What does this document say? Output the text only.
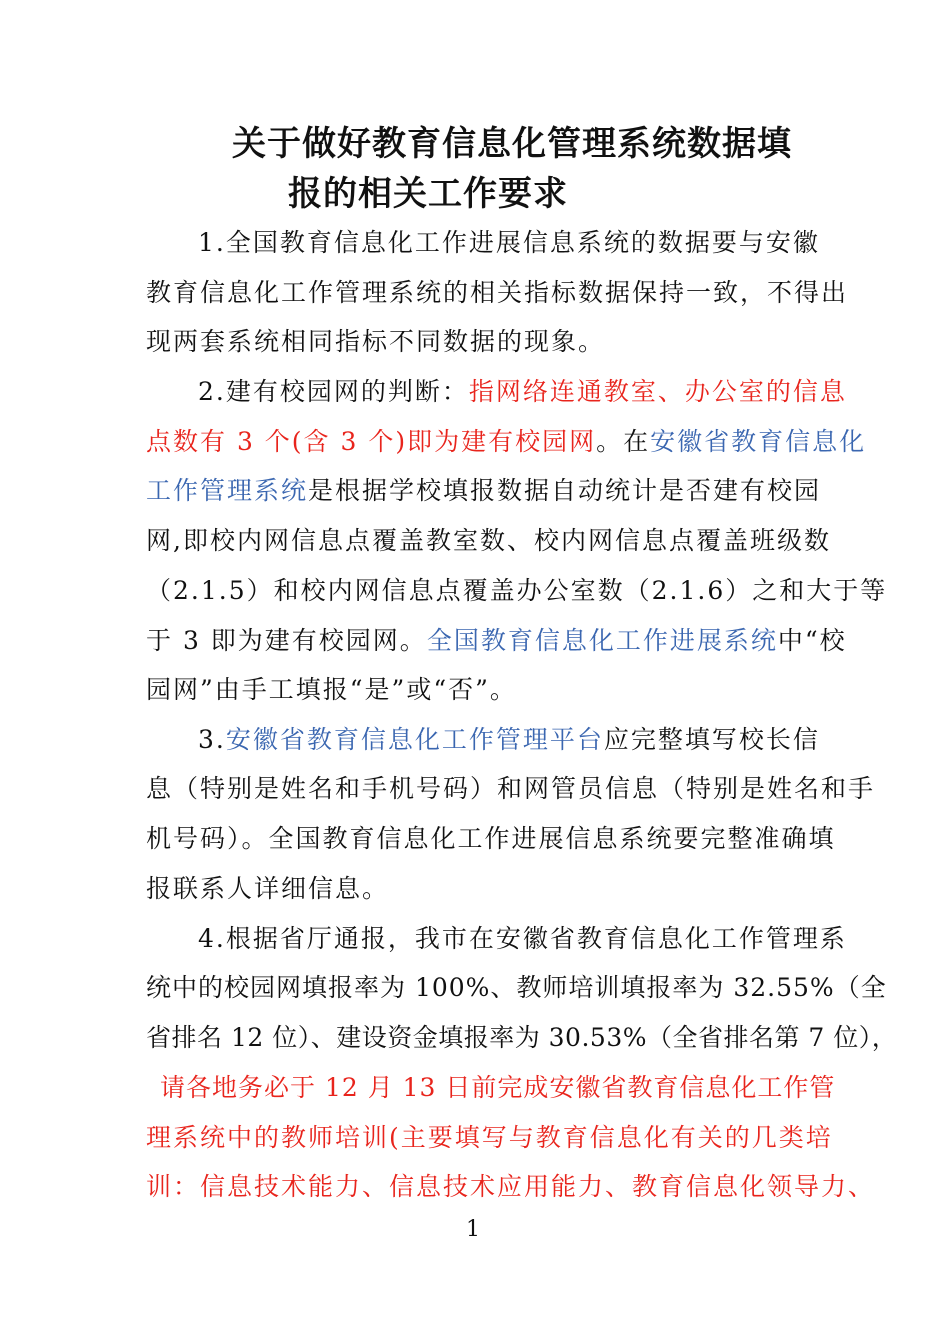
关于做好教育信息化管理系统数据填
报的相关工作要求
1.全国教育信息化工作进展信息系统的数据要与安徽
教育信息化工作管理系统的相关指标数据保持一致，不得出
现两套系统相同指标不同数据的现象。
2.建有校园网的判断：指网络连通教室、办公室的信息
点数有 3 个(含 3 个)即为建有校园网。在安徽省教育信息化
工作管理系统是根据学校填报数据自动统计是否建有校园
网,即校内网信息点覆盖教室数、校内网信息点覆盖班级数
（2.1.5）和校内网信息点覆盖办公室数（2.1.6）之和大于等
于 3 即为建有校园网。全国教育信息化工作进展系统中“校
园网”由手工填报“是”或“否”。
3.安徽省教育信息化工作管理平台应完整填写校长信
息（特别是姓名和手机号码）和网管员信息（特别是姓名和手
机号码）。全国教育信息化工作进展信息系统要完整准确填
报联系人详细信息。
4.根据省厅通报，我市在安徽省教育信息化工作管理系
统中的校园网填报率为 100%、教师培训填报率为 32.55%（全
省排名 12 位）、建设资金填报率为 30.53%（全省排名第 7 位），
请各地务必于 12 月 13 日前完成安徽省教育信息化工作管
理系统中的教师培训(主要填写与教育信息化有关的几类培
训：信息技术能力、信息技术应用能力、教育信息化领导力、
1
